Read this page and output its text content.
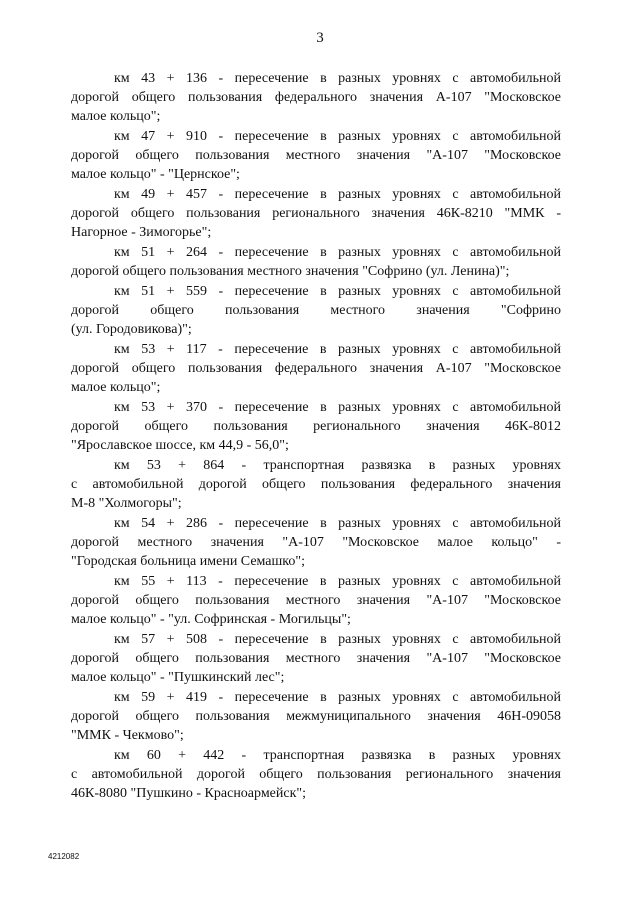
3
км 43 + 136 - пересечение в разных уровнях с автомобильной
дорогой общего пользования федерального значения А-107 "Московское
малое кольцо";
км 47 + 910 - пересечение в разных уровнях с автомобильной
дорогой общего пользования местного значения "А-107 "Московское
малое кольцо" - "Цернское";
км 49 + 457 - пересечение в разных уровнях с автомобильной
дорогой общего пользования регионального значения 46К-8210 "ММК -
Нагорное - Зимогорье";
км 51 + 264 - пересечение в разных уровнях с автомобильной
дорогой общего пользования местного значения "Софрино (ул. Ленина)";
км 51 + 559 - пересечение в разных уровнях с автомобильной
дорогой общего пользования местного значения "Софрино
(ул. Городовикова)";
км 53 + 117 - пересечение в разных уровнях с автомобильной
дорогой общего пользования федерального значения А-107 "Московское
малое кольцо";
км 53 + 370 - пересечение в разных уровнях с автомобильной
дорогой общего пользования регионального значения 46К-8012
"Ярославское шоссе, км 44,9 - 56,0";
км 53 + 864 - транспортная развязка в разных уровнях
с автомобильной дорогой общего пользования федерального значения
М-8 "Холмогоры";
км 54 + 286 - пересечение в разных уровнях с автомобильной
дорогой местного значения "А-107 "Московское малое кольцо" -
"Городская больница имени Семашко";
км 55 + 113 - пересечение в разных уровнях с автомобильной
дорогой общего пользования местного значения "А-107 "Московское
малое кольцо" - "ул. Софринская - Могильцы";
км 57 + 508 - пересечение в разных уровнях с автомобильной
дорогой общего пользования местного значения "А-107 "Московское
малое кольцо" - "Пушкинский лес";
км 59 + 419 - пересечение в разных уровнях с автомобильной
дорогой общего пользования межмуниципального значения 46Н-09058
"ММК - Чекмово";
км 60 + 442 - транспортная развязка в разных уровнях
с автомобильной дорогой общего пользования регионального значения
46К-8080 "Пушкино - Красноармейск";
4212082
